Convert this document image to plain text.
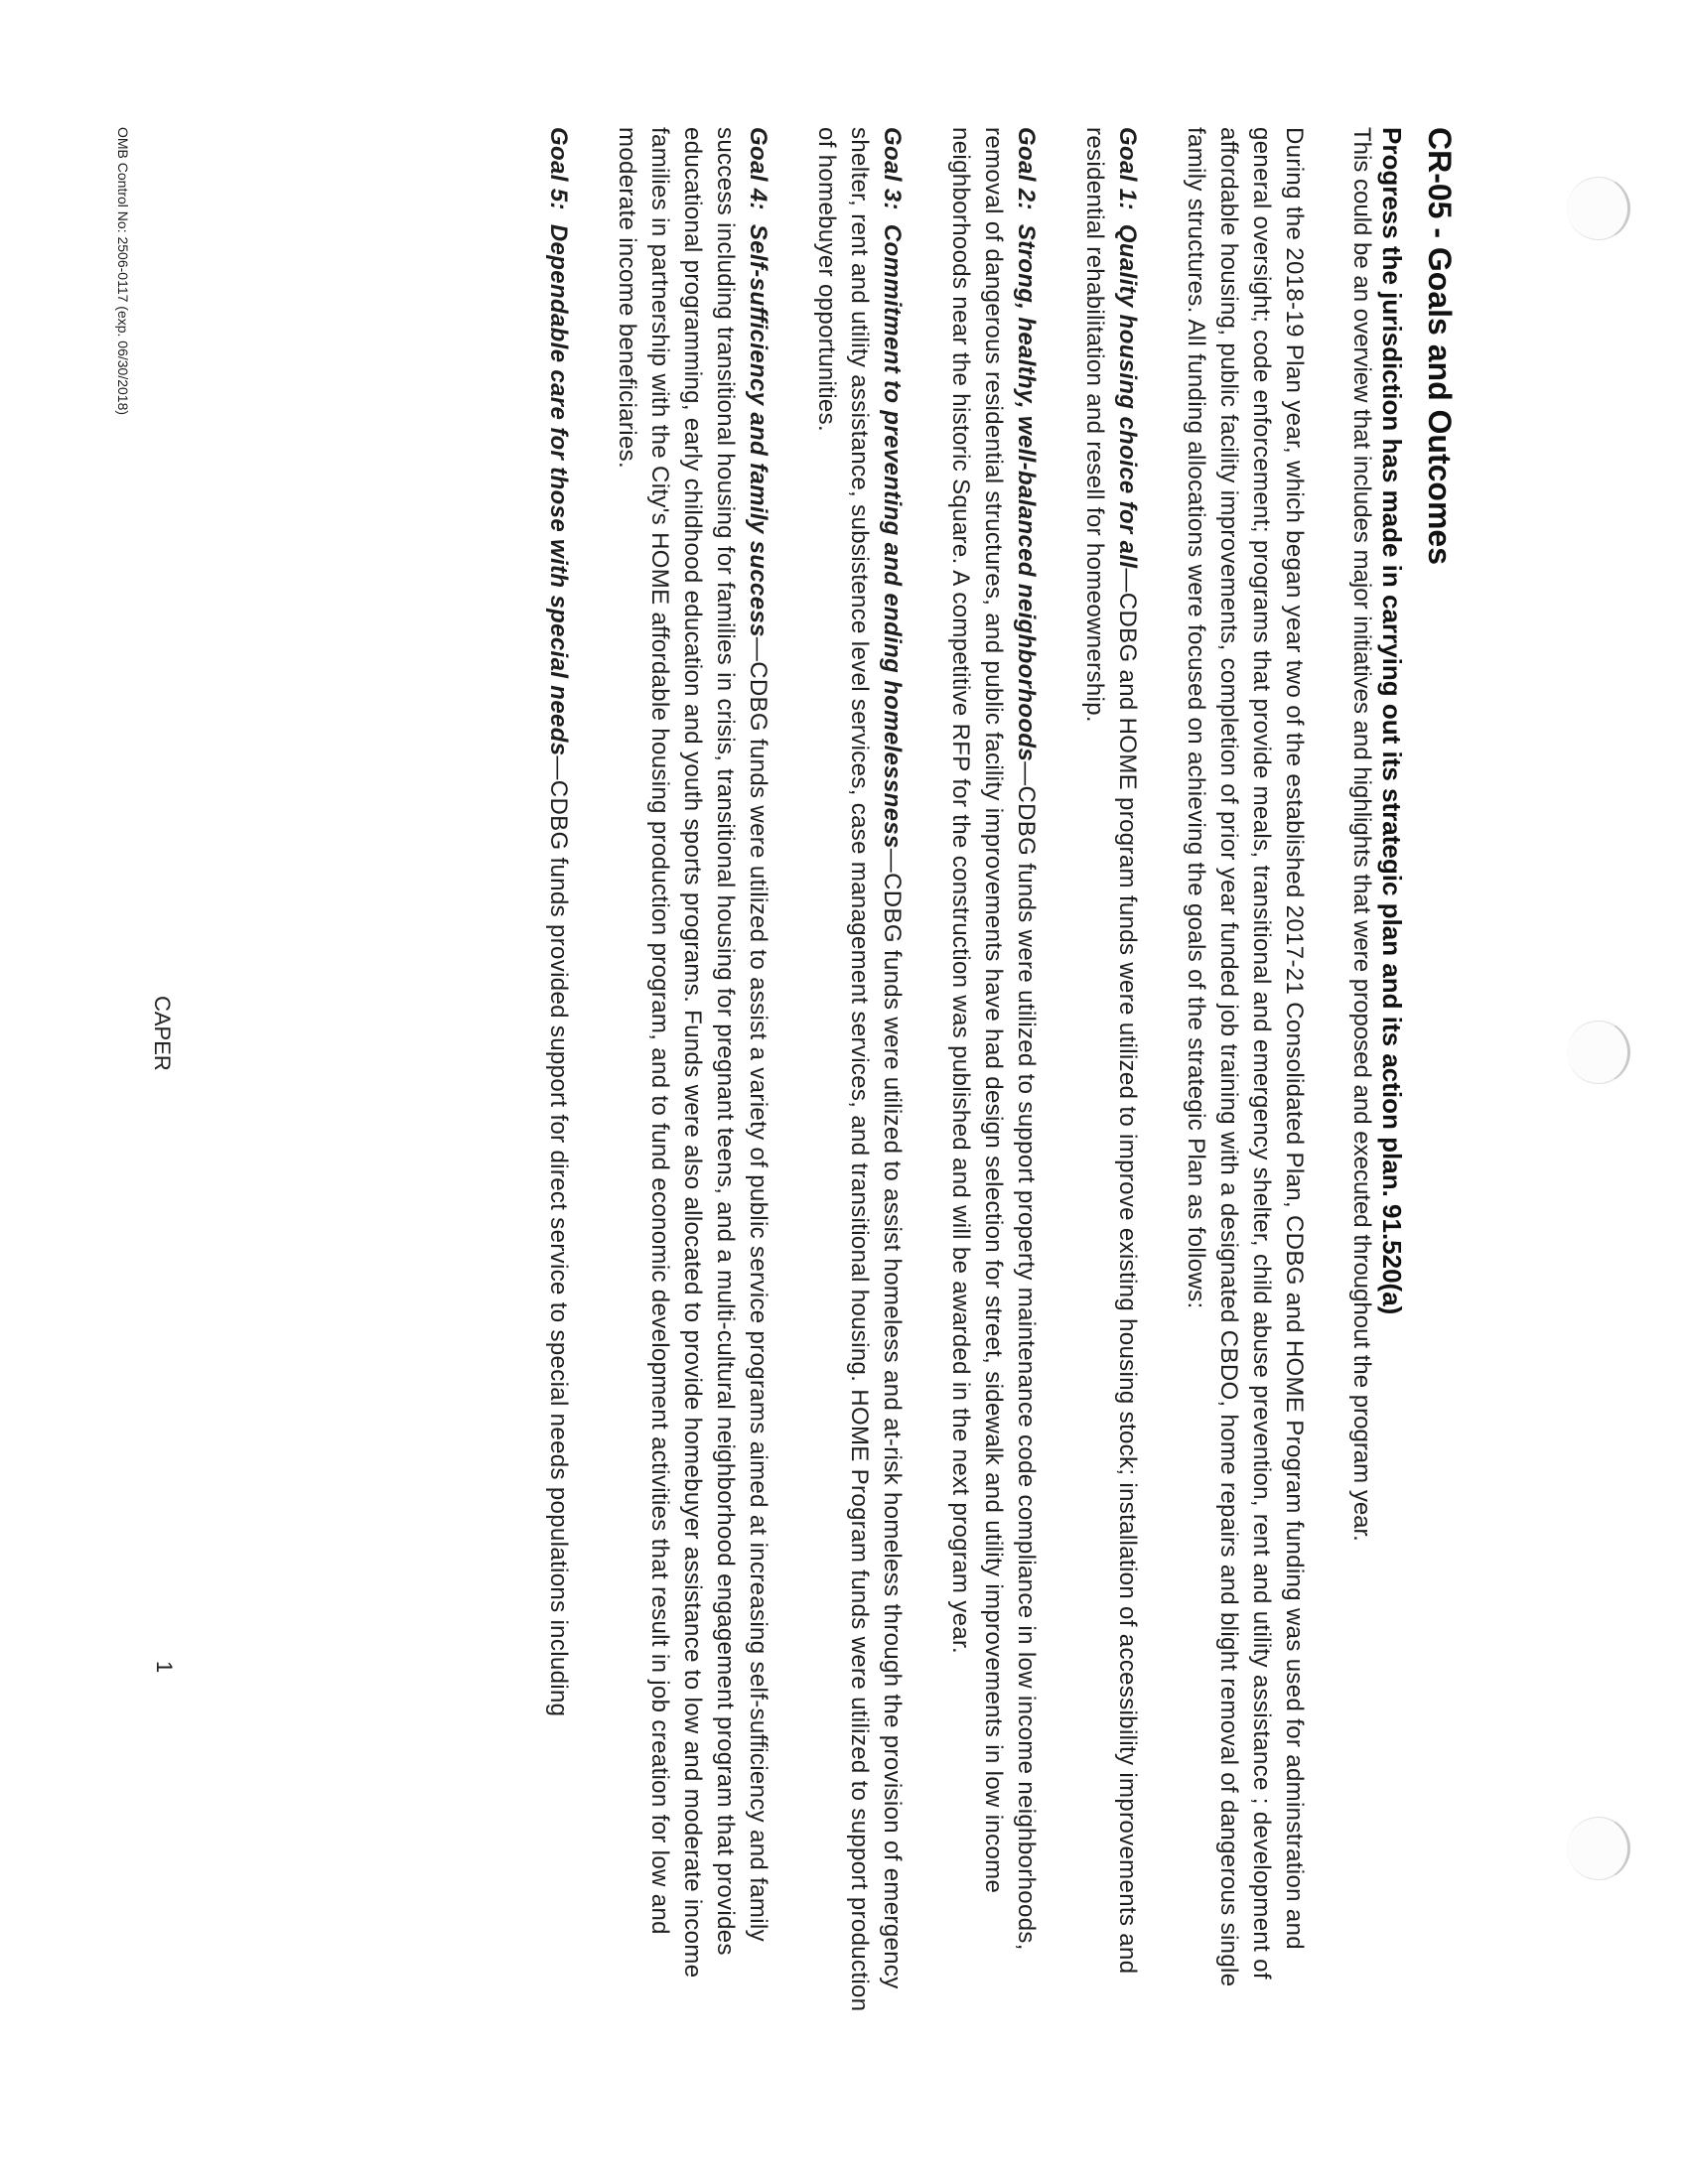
CR-05 - Goals and Outcomes
Progress the jurisdiction has made in carrying out its strategic plan and its action plan. 91.520(a)

This could be an overview that includes major initiatives and highlights that were proposed and executed throughout the program year.

During the 2018-19 Plan year, which began year two of the established 2017-21 Consolidated Plan, CDBG and HOME Program funding was used for adminstration and general oversight; code enforcement; programs that provide meals, transitional and emergency shelter, child abuse prevention, rent and utility assistance ; development of affordable housing, public facility improvements, completion of prior year funded job training with a designated CBDO, home repairs and blight removal of dangerous single family structures. All funding allocations were focused on achieving the goals of the strategic Plan as follows:

Goal 1:  Quality housing choice for all—CDBG and HOME program funds were utilized to improve existing housing stock; installation of accessibility improvements and residential rehabilitation and resell for homeownership.

Goal 2:  Strong, healthy, well-balanced neighborhoods—CDBG funds were utilized to support property maintenance code compliance in low income neighborhoods, removal of dangerous residential structures, and public facility improvements have had design selection for street, sidewalk and utility improvements in low income neighborhoods near the historic Square. A competitive RFP for the construction was published and will be awarded in the next program year.

Goal 3:  Commitment to preventing and ending homelessness—CDBG funds were utilized to assist homeless and at-risk homeless through the provision of emergency shelter, rent and utility assistance, subsistence level services, case management services, and transitional housing. HOME Program funds were utilized to support production of homebuyer opportunities.

Goal 4:  Self-sufficiency and family success—CDBG funds were utilized to assist a variety of public service programs aimed at increasing self-sufficiency and family success including transitional housing for families in crisis, transitional housing for pregnant teens, and a multi-cultural neighborhood engagement program that provides educational programming, early childhood education and youth sports programs. Funds were also allocated to provide homebuyer assistance to low and moderate income families in partnership with the City's HOME affordable housing production program, and to fund economic development activities that result in job creation for low and moderate income beneficiaries.

Goal 5:  Dependable care for those with special needs—CDBG funds provided support for direct service to special needs populations including

OMB Control No: 2506-0117 (exp. 06/30/2018)
CAPER
1
